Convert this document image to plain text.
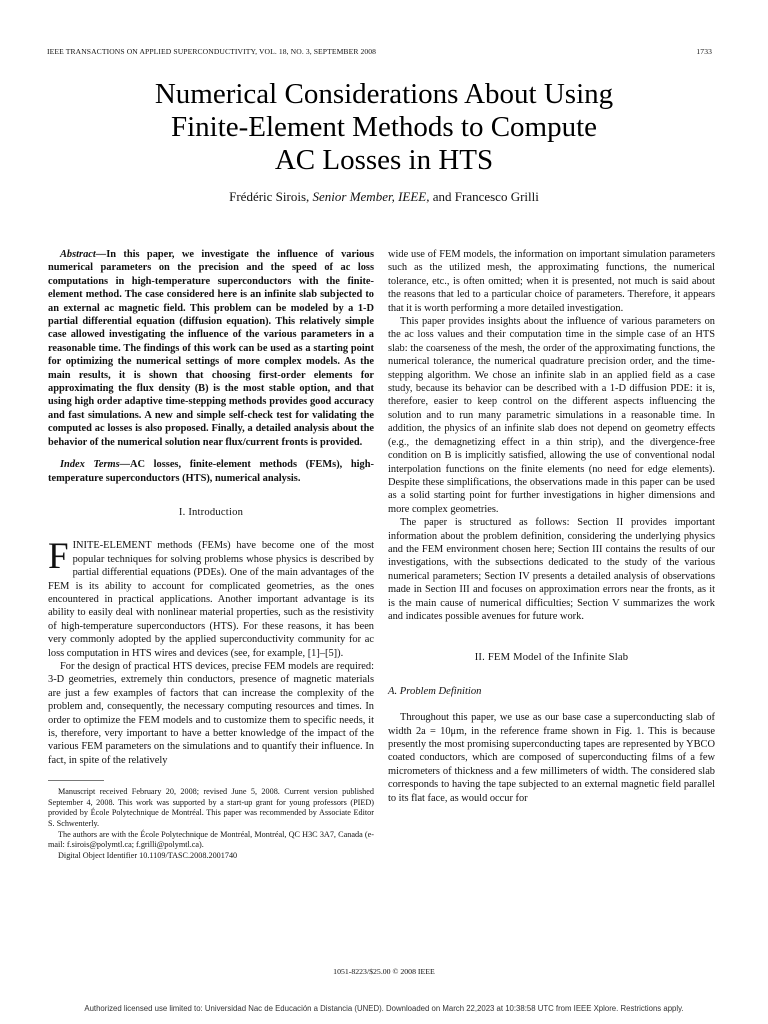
IEEE TRANSACTIONS ON APPLIED SUPERCONDUCTIVITY, VOL. 18, NO. 3, SEPTEMBER 2008	1733
Numerical Considerations About Using
Finite-Element Methods to Compute
AC Losses in HTS
Frédéric Sirois, Senior Member, IEEE, and Francesco Grilli

Abstract—In this paper, we investigate the influence of various numerical parameters on the precision and the speed of ac loss computations in high-temperature superconductors with the finite-element method. The case considered here is an infinite slab subjected to an external ac magnetic field. This problem can be modeled by a 1-D partial differential equation (diffusion equation). This relatively simple case allowed investigating the influence of the various parameters in a reasonable time. The findings of this work can be used as a starting point for optimizing the numerical settings of more complex models. As the main results, it is shown that choosing first-order elements for approximating the flux density (B) is the most stable option, and that using high order adaptive time-stepping methods provides good accuracy and fast simulations. A new and simple self-check test for validating the computed ac losses is also proposed. Finally, a detailed analysis about the behavior of the numerical solution near flux/current fronts is provided.

Index Terms—AC losses, finite-element methods (FEMs), high-temperature superconductors (HTS), numerical analysis.

I. Introduction

FINITE-ELEMENT methods (FEMs) have become one of the most popular techniques for solving problems whose physics is described by partial differential equations (PDEs). One of the main advantages of the FEM is its ability to account for complicated geometries, as the ones encountered in practical applications. Another important advantage is its ability to easily deal with nonlinear material properties, such as the resistivity of high-temperature superconductors (HTS). For these reasons, it has been very commonly adopted by the applied superconductivity community for ac loss computation in HTS wires and devices (see, for example, [1]–[5]).

For the design of practical HTS devices, precise FEM models are required: 3-D geometries, extremely thin conductors, presence of magnetic materials are just a few examples of factors that can increase the complexity of the problem and, consequently, the necessary computing resources and times. In order to optimize the FEM models and to customize them to specific needs, it is, therefore, very important to have a better knowledge of the impact of the various FEM parameters on the simulations and to quantify their influence. In fact, in spite of the relatively

Manuscript received February 20, 2008; revised June 5, 2008. Current version published September 4, 2008. This work was supported by a start-up grant for young professors (PIED) provided by École Polytechnique de Montréal. This paper was recommended by Associate Editor S. Schwenterly.

The authors are with the École Polytechnique de Montréal, Montréal, QC H3C 3A7, Canada (e-mail: f.sirois@polymtl.ca; f.grilli@polymtl.ca).

Digital Object Identifier 10.1109/TASC.2008.2001740

wide use of FEM models, the information on important simulation parameters such as the utilized mesh, the approximating functions, the numerical tolerance, etc., is often omitted; when it is presented, not much is said about the reasons that led to a particular choice of parameters. Therefore, it appears that it is worth performing a more detailed investigation.

This paper provides insights about the influence of various parameters on the ac loss values and their computation time in the simple case of an HTS slab: the coarseness of the mesh, the order of the approximating functions, the numerical tolerance, the numerical quadrature precision order, and the time-stepping algorithm. We chose an infinite slab in an applied field as a case study, because its behavior can be described with a 1-D diffusion PDE: it is, therefore, easier to keep control on the different aspects influencing the solution and to run many parametric simulations in a reasonable time. In addition, the physics of an infinite slab does not depend on geometry effects (e.g., the demagnetizing effect in a thin strip), and the divergence-free condition on B is implicitly satisfied, allowing the use of conventional nodal interpolation functions on the finite elements (no need for edge elements). Despite these simplifications, the observations made in this paper can be used as a solid starting point for further investigations in higher dimensions and more complex geometries.

The paper is structured as follows: Section II provides important information about the problem definition, considering the underlying physics and the FEM environment chosen here; Section III contains the results of our investigations, with the subsections dedicated to the study of the various numerical parameters; Section IV presents a detailed analysis of observations made in Section III and focuses on approximation errors near the fronts, as it is the main cause of numerical difficulties; Section V summarizes the work and indicates possible avenues for future work.

II. FEM Model of the Infinite Slab
A. Problem Definition

Throughout this paper, we use as our base case a superconducting slab of width 2a = 10μm, in the reference frame shown in Fig. 1. This is because presently the most promising superconducting tapes are represented by YBCO coated conductors, which are composed of superconducting films of a few micrometers of thickness and a few millimeters of width. The considered slab corresponds to having the tape subjected to an external magnetic field parallel to its flat face, as would occur for

1051-8223/$25.00 © 2008 IEEE
Authorized licensed use limited to: Universidad Nac de Educación a Distancia (UNED). Downloaded on March 22,2023 at 10:38:58 UTC from IEEE Xplore. Restrictions apply.
